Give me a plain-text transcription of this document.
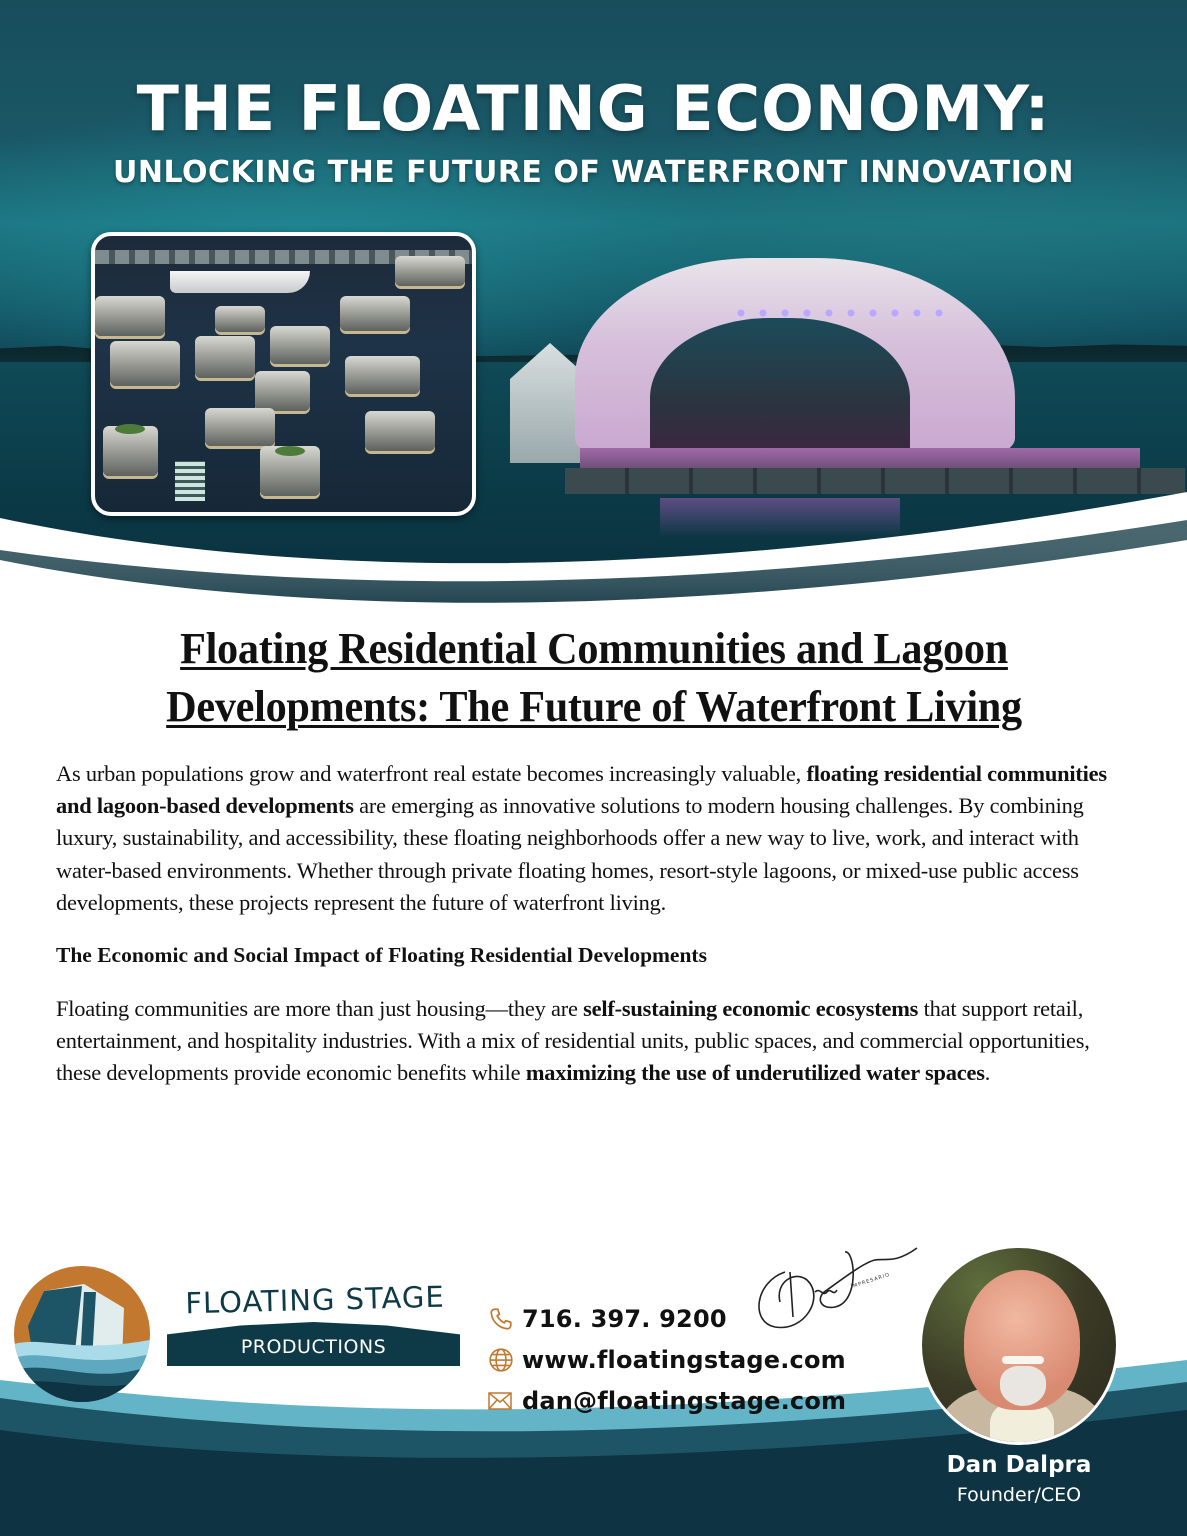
THE FLOATING ECONOMY:
UNLOCKING THE FUTURE OF WATERFRONT INNOVATION
Floating Residential Communities and Lagoon Developments: The Future of Waterfront Living

As urban populations grow and waterfront real estate becomes increasingly valuable, floating residential communities and lagoon-based developments are emerging as innovative solutions to modern housing challenges. By combining luxury, sustainability, and accessibility, these floating neighborhoods offer a new way to live, work, and interact with water-based environments. Whether through private floating homes, resort-style lagoons, or mixed-use public access developments, these projects represent the future of waterfront living.

The Economic and Social Impact of Floating Residential Developments

Floating communities are more than just housing—they are self-sustaining economic ecosystems that support retail, entertainment, and hospitality industries. With a mix of residential units, public spaces, and commercial opportunities, these developments provide economic benefits while maximizing the use of underutilized water spaces.

FLOATING STAGE
PRODUCTIONS
716. 397. 9200
www.floatingstage.com
dan@floatingstage.com
IMPRESARIO
Dan Dalpra
Founder/CEO
